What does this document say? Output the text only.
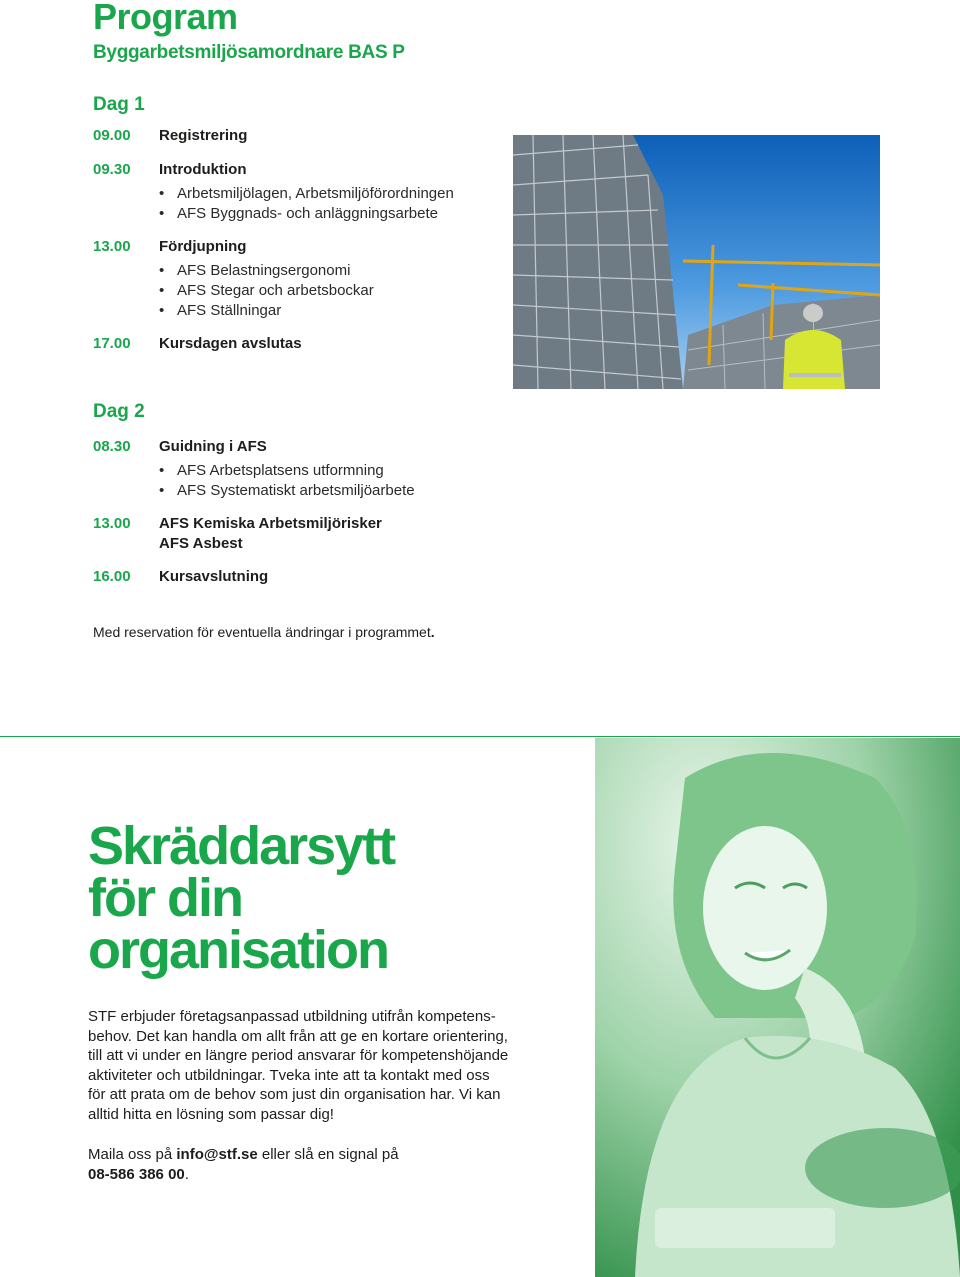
Program
Byggarbetsmiljösamordnare BAS P
Dag 1
09.00 Registrering
09.30 Introduktion
• Arbetsmiljölagen, Arbetsmiljöförordningen
• AFS Byggnads- och anläggningsarbete
13.00 Fördjupning
• AFS Belastningsergonomi
• AFS Stegar och arbetsbockar
• AFS Ställningar
17.00 Kursdagen avslutas
Dag 2
08.30 Guidning i AFS
• AFS Arbetsplatsens utformning
• AFS Systematiskt arbetsmiljöarbete
13.00 AFS Kemiska Arbetsmiljörisker
AFS Asbest
16.00 Kursavslutning
Med reservation för eventuella ändringar i programmet.
Skräddarsytt
för din
organisation

STF erbjuder företagsanpassad utbildning utifrån kompetens-
behov. Det kan handla om allt från att ge en kortare orientering,
till att vi under en längre period ansvarar för kompetenshöjande
aktiviteter och utbildningar. Tveka inte att ta kontakt med oss
för att prata om de behov som just din organisation har. Vi kan
alltid hitta en lösning som passar dig!

Maila oss på info@stf.se eller slå en signal på
08-586 386 00.
